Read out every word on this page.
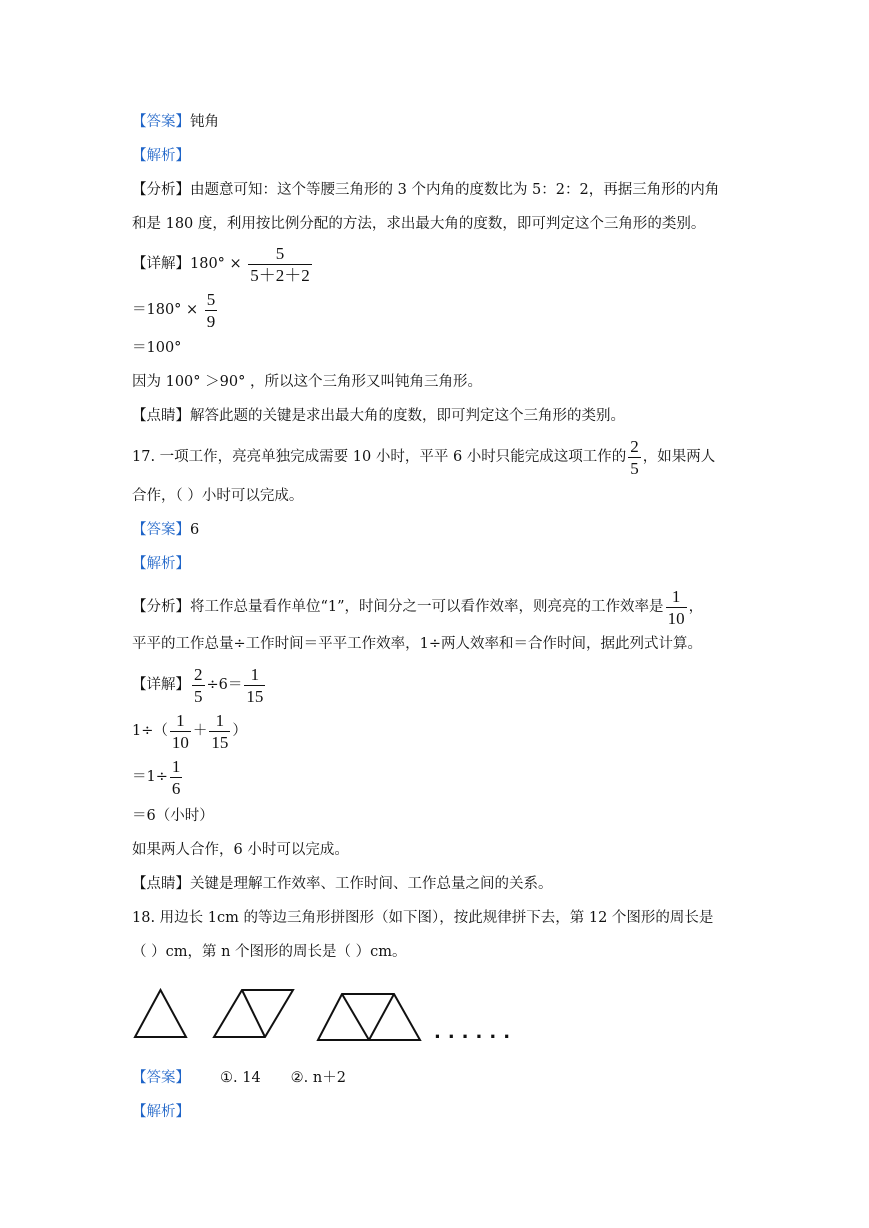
【答案】钝角
【解析】
【分析】由题意可知：这个等腰三角形的 3 个内角的度数比为 5：2：2，再据三角形的内角
和是 180 度，利用按比例分配的方法，求出最大角的度数，即可判定这个三角形的类别。
【详解】$180^\circ \times \frac{5}{5+2+2}$
$=180^\circ \times \frac{5}{9}$
＝100°
因为 100° ＞90° ，所以这个三角形又叫钝角三角形。
【点睛】解答此题的关键是求出最大角的度数，即可判定这个三角形的类别。
17. 一项工作，亮亮单独完成需要 10 小时，平平 6 小时只能完成这项工作的 $\frac{2}{5}$ ，如果两人
合作，（ ）小时可以完成。
【答案】6
【解析】
【分析】将工作总量看作单位“1”，时间分之一可以看作效率，则亮亮的工作效率是 $\frac{1}{10}$ ，
平平的工作总量÷工作时间＝平平工作效率，1÷两人效率和＝合作时间，据此列式计算。
【详解】 $\frac{2}{5} \div 6= \frac{1}{15}$
$1\div( \frac{1}{10} + \frac{1}{15}$ ）
$=1\div \frac{1}{6}$
＝6（小时）
如果两人合作，6 小时可以完成。
【点睛】关键是理解工作效率、工作时间、工作总量之间的关系。
18. 用边长 1cm 的等边三角形拼图形（如下图），按此规律拼下去，第 12 个图形的周长是
（ ）cm，第 n 个图形的周长是（ ）cm。
......
【答案】 ①. 14 ②. n＋2
【解析】
